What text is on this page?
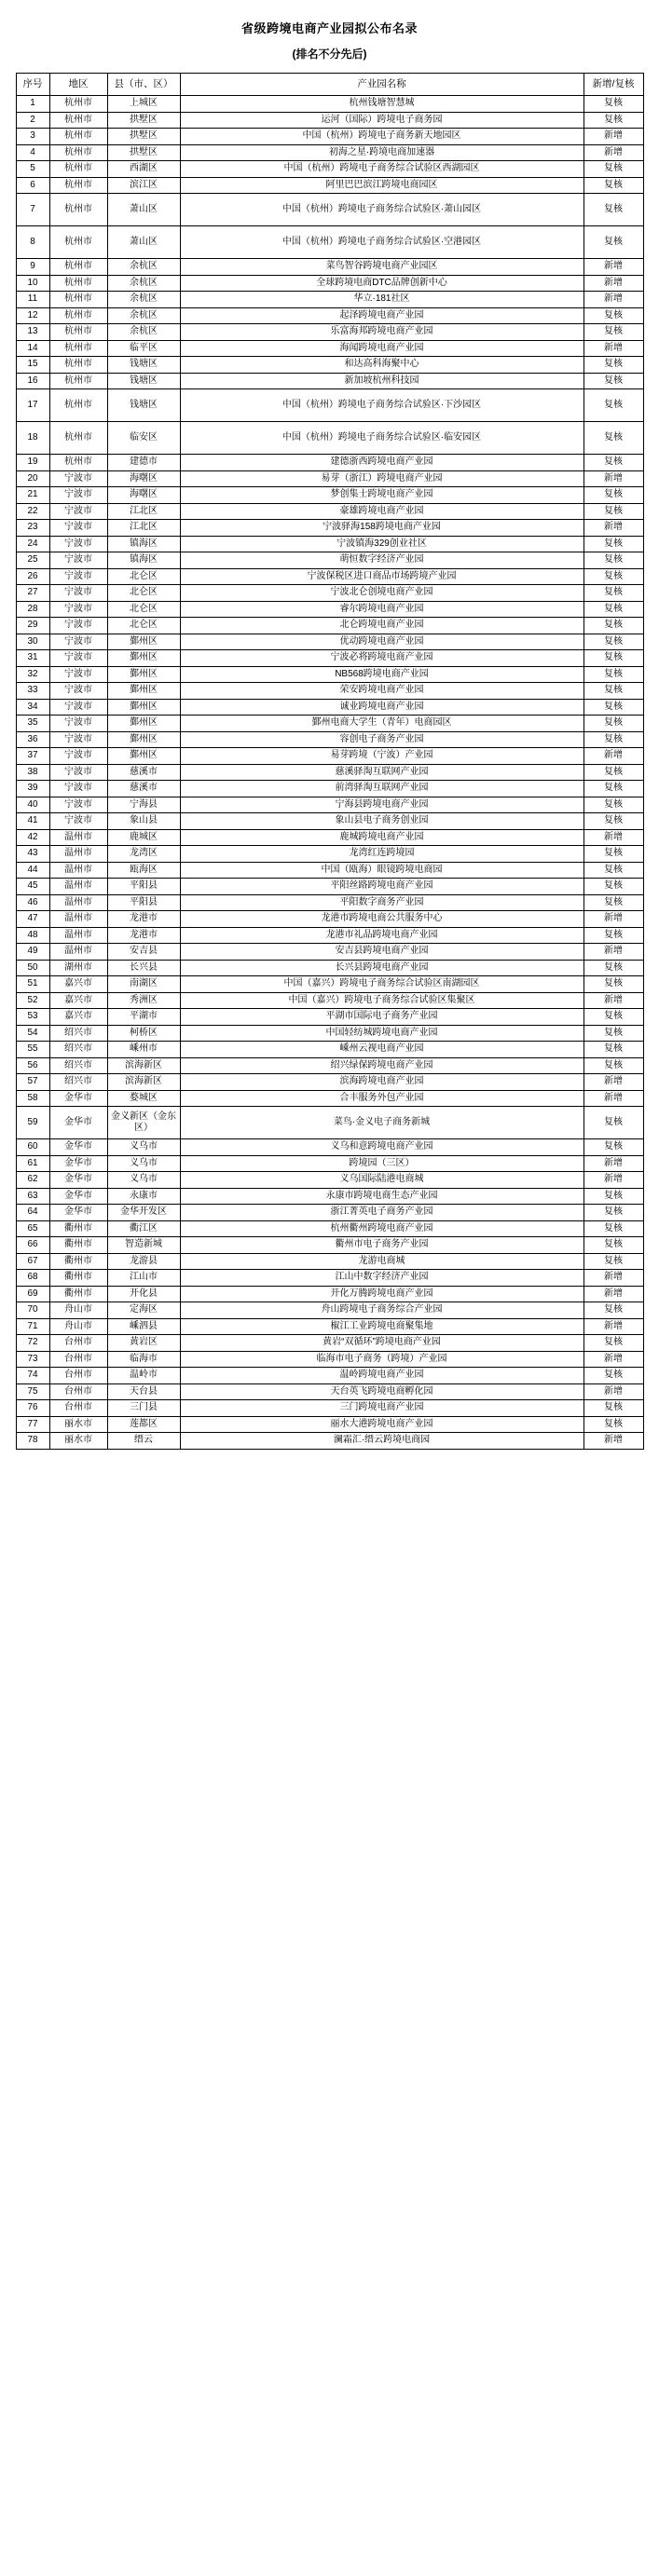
省级跨境电商产业园拟公布名录
(排名不分先后)
序号	地区	县（市、区）	产业园名称	新增/复核
1	杭州市	上城区	杭州钱塘智慧城	复核
2	杭州市	拱墅区	运河（国际）跨境电子商务园	复核
3	杭州市	拱墅区	中国（杭州）跨境电子商务新天地园区	新增
4	杭州市	拱墅区	初海之星·跨境电商加速器	新增
5	杭州市	西湖区	中国（杭州）跨境电子商务综合试验区西湖园区	复核
6	杭州市	滨江区	阿里巴巴滨江跨境电商园区	复核
7	杭州市	萧山区	中国（杭州）跨境电子商务综合试验区·萧山园区	复核
8	杭州市	萧山区	中国（杭州）跨境电子商务综合试验区·空港园区	复核
9	杭州市	余杭区	菜鸟智谷跨境电商产业园区	新增
10	杭州市	余杭区	全球跨境电商DTC品牌创新中心	新增
11	杭州市	余杭区	华立·181社区	新增
12	杭州市	余杭区	起泽跨境电商产业园	复核
13	杭州市	余杭区	乐富海邦跨境电商产业园	复核
14	杭州市	临平区	海闻跨境电商产业园	新增
15	杭州市	钱塘区	和达高科海聚中心	复核
16	杭州市	钱塘区	新加坡杭州科技园	复核
17	杭州市	钱塘区	中国（杭州）跨境电子商务综合试验区·下沙园区	复核
18	杭州市	临安区	中国（杭州）跨境电子商务综合试验区·临安园区	复核
19	杭州市	建德市	建德浙西跨境电商产业园	复核
20	宁波市	海曙区	易芽（浙江）跨境电商产业园	新增
21	宁波市	海曙区	梦创集士跨境电商产业园	复核
22	宁波市	江北区	豪雄跨境电商产业园	复核
23	宁波市	江北区	宁波驿海158跨境电商产业园	新增
24	宁波市	镇海区	宁波镇海329创业社区	复核
25	宁波市	镇海区	萌恒数字经济产业园	复核
26	宁波市	北仑区	宁波保税区进口商品市场跨境产业园	复核
27	宁波市	北仑区	宁波北仑创境电商产业园	复核
28	宁波市	北仑区	睿尔跨境电商产业园	复核
29	宁波市	北仑区	北仑跨境电商产业园	复核
30	宁波市	鄞州区	优动跨境电商产业园	复核
31	宁波市	鄞州区	宁波必将跨境电商产业园	复核
32	宁波市	鄞州区	NB568跨境电商产业园	复核
33	宁波市	鄞州区	荣安跨境电商产业园	复核
34	宁波市	鄞州区	诚业跨境电商产业园	复核
35	宁波市	鄞州区	鄞州电商大学生（青年）电商园区	复核
36	宁波市	鄞州区	容创电子商务产业园	复核
37	宁波市	鄞州区	易芽跨境（宁波）产业园	新增
38	宁波市	慈溪市	慈溪驿淘互联网产业园	复核
39	宁波市	慈溪市	前湾驿淘互联网产业园	复核
40	宁波市	宁海县	宁海县跨境电商产业园	复核
41	宁波市	象山县	象山县电子商务创业园	复核
42	温州市	鹿城区	鹿城跨境电商产业园	新增
43	温州市	龙湾区	龙湾红连跨境园	复核
44	温州市	瓯海区	中国（瓯海）眼镜跨境电商园	复核
45	温州市	平阳县	平阳丝路跨境电商产业园	复核
46	温州市	平阳县	平阳数字商务产业园	复核
47	温州市	龙港市	龙港市跨境电商公共服务中心	新增
48	温州市	龙港市	龙港市礼品跨境电商产业园	复核
49	温州市	安吉县	安吉县跨境电商产业园	新增
50	湖州市	长兴县	长兴县跨境电商产业园	复核
51	嘉兴市	南湖区	中国（嘉兴）跨境电子商务综合试验区南湖园区	复核
52	嘉兴市	秀洲区	中国（嘉兴）跨境电子商务综合试验区集聚区	新增
53	嘉兴市	平湖市	平湖市国际电子商务产业园	复核
54	绍兴市	柯桥区	中国轻纺城跨境电商产业园	复核
55	绍兴市	嵊州市	嵊州云视电商产业园	复核
56	绍兴市	滨海新区	绍兴绿保跨境电商产业园	复核
57	绍兴市	滨海新区	滨海跨境电商产业园	新增
58	金华市	婺城区	合丰服务外包产业园	新增
59	金华市	金义新区（金东区）	菜鸟·金义电子商务新城	复核
60	金华市	义乌市	义乌和意跨境电商产业园	复核
61	金华市	义乌市	跨境园（三区）	新增
62	金华市	义乌市	义乌国际陆港电商城	新增
63	金华市	永康市	永康市跨境电商生态产业园	复核
64	金华市	金华开发区	浙江菁英电子商务产业园	复核
65	衢州市	衢江区	杭州衢州跨境电商产业园	复核
66	衢州市	智造新城	衢州市电子商务产业园	复核
67	衢州市	龙游县	龙游电商城	复核
68	衢州市	江山市	江山中数字经济产业园	新增
69	衢州市	开化县	开化万腾跨境电商产业园	新增
70	舟山市	定海区	舟山跨境电子商务综合产业园	复核
71	舟山市	嵊泗县	椒江工业跨境电商聚集地	新增
72	台州市	黄岩区	黄岩“双循环”跨境电商产业园	复核
73	台州市	临海市	临海市电子商务（跨境）产业园	新增
74	台州市	温岭市	温岭跨境电商产业园	复核
75	台州市	天台县	天台英飞跨境电商孵化园	新增
76	台州市	三门县	三门跨境电商产业园	复核
77	丽水市	莲都区	丽水大港跨境电商产业园	复核
78	丽水市	缙云	澜霜汇·缙云跨境电商园	新增
